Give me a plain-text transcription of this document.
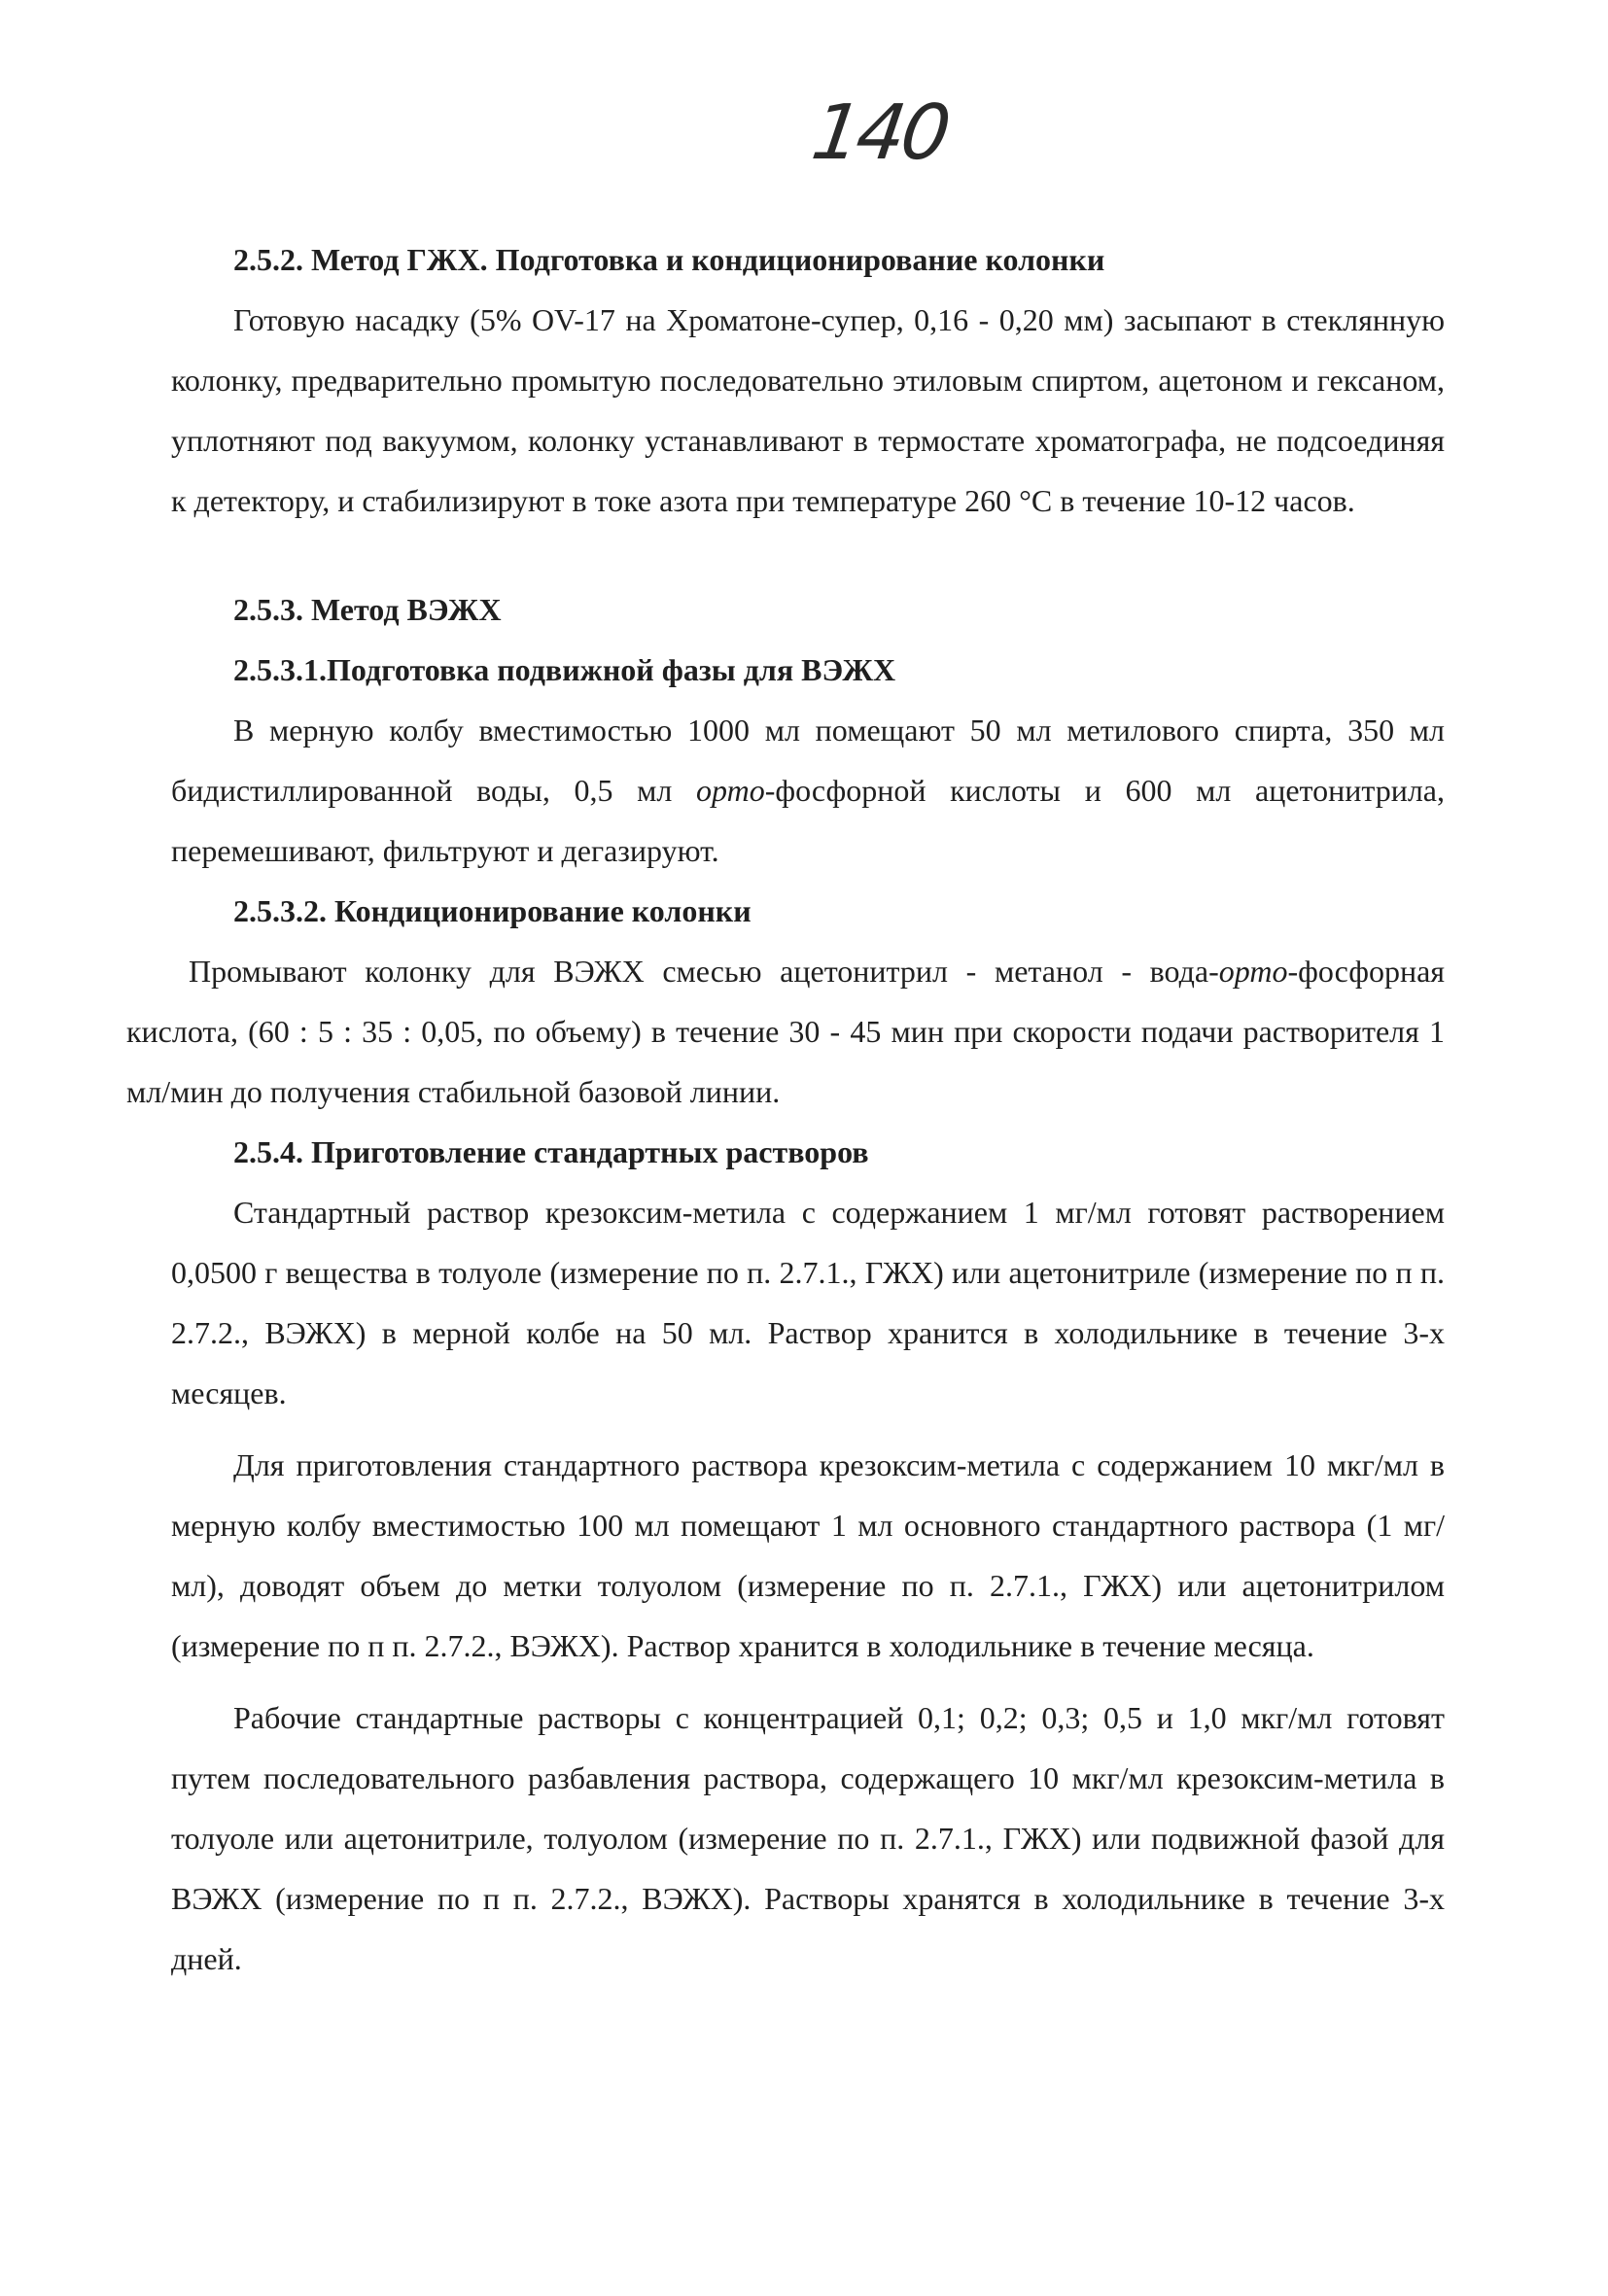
140
2.5.2. Метод ГЖХ. Подготовка и кондиционирование колонки

Готовую насадку (5% OV-17 на Хроматоне-супер, 0,16 - 0,20 мм) засыпают в стеклянную колонку, предварительно промытую последовательно этиловым спиртом, ацетоном и гексаном, уплотняют под вакуумом, колонку устанавливают в термостате хроматографа, не подсоединяя к детектору, и стабилизируют в токе азота при температуре 260 °С в течение 10-12 часов.

2.5.3. Метод ВЭЖХ
2.5.3.1.Подготовка подвижной фазы для ВЭЖХ

В мерную колбу вместимостью 1000 мл помещают 50 мл метилового спирта, 350 мл бидистиллированной воды, 0,5 мл орто-фосфорной кислоты и 600 мл ацетонитрила, перемешивают, фильтруют и дегазируют.

2.5.3.2. Кондиционирование колонки

Промывают колонку для ВЭЖХ смесью ацетонитрил - метанол - вода-орто-фосфорная кислота, (60 : 5 : 35 : 0,05, по объему) в течение 30 - 45 мин при скорости подачи растворителя 1 мл/мин до получения стабильной базовой линии.

2.5.4. Приготовление стандартных растворов

Стандартный раствор крезоксим-метила с содержанием 1 мг/мл готовят растворением 0,0500 г вещества в толуоле (измерение по п. 2.7.1., ГЖХ) или ацетонитриле (измерение по п п. 2.7.2., ВЭЖХ) в мерной колбе на 50 мл. Раствор хранится в холодильнике в течение 3-х месяцев.

Для приготовления стандартного раствора крезоксим-метила с содержанием 10 мкг/мл в мерную колбу вместимостью 100 мл помещают 1 мл основного стандартного раствора (1 мг/мл), доводят объем до метки толуолом (измерение по п. 2.7.1., ГЖХ) или ацетонитрилом (измерение по п п. 2.7.2., ВЭЖХ). Раствор хранится в холодильнике в течение месяца.

Рабочие стандартные растворы с концентрацией 0,1; 0,2; 0,3; 0,5 и 1,0 мкг/мл готовят путем последовательного разбавления раствора, содержащего 10 мкг/мл крезоксим-метила в толуоле или ацетонитриле, толуолом (измерение по п. 2.7.1., ГЖХ) или подвижной фазой для ВЭЖХ (измерение по п п. 2.7.2., ВЭЖХ). Растворы хранятся в холодильнике в течение 3-х дней.
